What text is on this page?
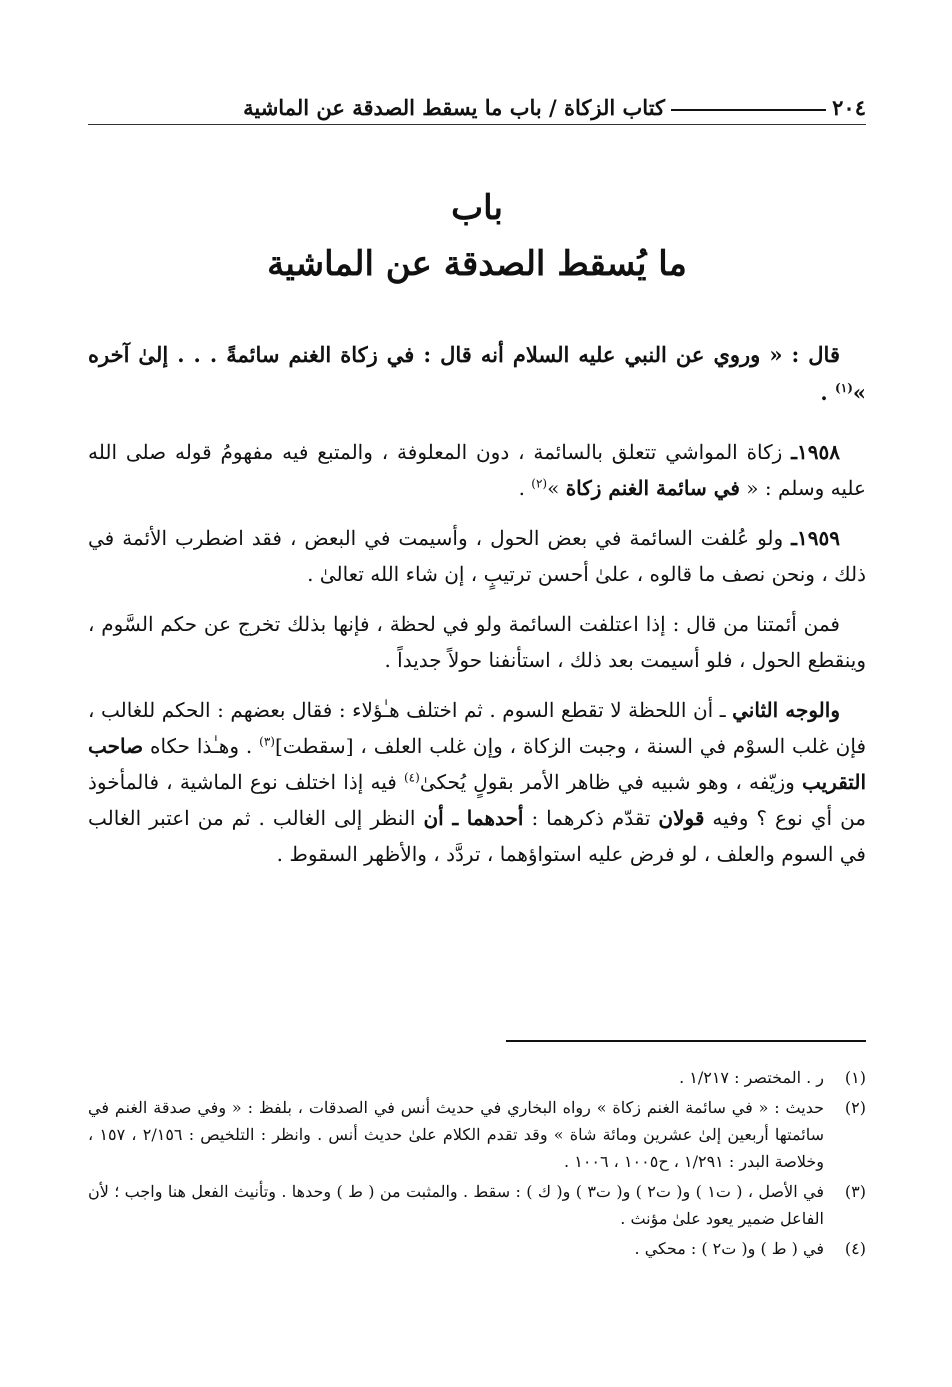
٢٠٤
كتاب الزكاة / باب ما يسقط الصدقة عن الماشية
باب
ما يُسقط الصدقة عن الماشية

قال : « وروي عن النبي عليه السلام أنه قال : في زكاة الغنم سائمةً . . . إلىٰ آخره »$^{(١)}$ .

١٩٥٨ـ زكاة المواشي تتعلق بالسائمة ، دون المعلوفة ، والمتبع فيه مفهومُ قوله صلى الله عليه وسلم : « في سائمة الغنم زكاة »$^{(٢)}$ .

١٩٥٩ـ ولو عُلفت السائمة في بعض الحول ، وأسيمت في البعض ، فقد اضطرب الأئمة في ذلك ، ونحن نصف ما قالوه ، علىٰ أحسن ترتيبٍ ، إن شاء الله تعالىٰ .

فمن أئمتنا من قال : إذا اعتلفت السائمة ولو في لحظة ، فإنها بذلك تخرج عن حكم السَّوم ، وينقطع الحول ، فلو أسيمت بعد ذلك ، استأنفنا حولاً جديداً .

والوجه الثاني ـ أن اللحظة لا تقطع السوم . ثم اختلف هـٰؤلاء : فقال بعضهم : الحكم للغالب ، فإن غلب السوْم في السنة ، وجبت الزكاة ، وإن غلب العلف ، [سقطت]$^{(٣)}$ . وهـٰذا حكاه صاحب التقريب وزيّفه ، وهو شبيه في ظاهر الأمر بقولٍ يُحكىٰ$^{(٤)}$ فيه إذا اختلف نوع الماشية ، فالمأخوذ من أي نوع ؟ وفيه قولان تقدّم ذكرهما : أحدهما ـ أن النظر إلى الغالب . ثم من اعتبر الغالب في السوم والعلف ، لو فرض عليه استواؤهما ، تردَّد ، والأظهر السقوط .

(١)
ر . المختصر : ١/٢١٧ .
(٢)
حديث : « في سائمة الغنم زكاة » رواه البخاري في حديث أنس في الصدقات ، بلفظ : « وفي صدقة الغنم في سائمتها أربعين إلىٰ عشرين ومائة شاة » وقد تقدم الكلام علىٰ حديث أنس . وانظر : التلخيص : ٢/١٥٦ ، ١٥٧ ، وخلاصة البدر : ١/٢٩١ ، ح١٠٠٥ ، ١٠٠٦ .
(٣)
في الأصل ، ( ت١ ) و( ت٢ ) و( ت٣ ) و( ك ) : سقط . والمثبت من ( ط ) وحدها . وتأنيث الفعل هنا واجب ؛ لأن الفاعل ضمير يعود علىٰ مؤنث .
(٤)
في ( ط ) و( ت٢ ) : محكي .
